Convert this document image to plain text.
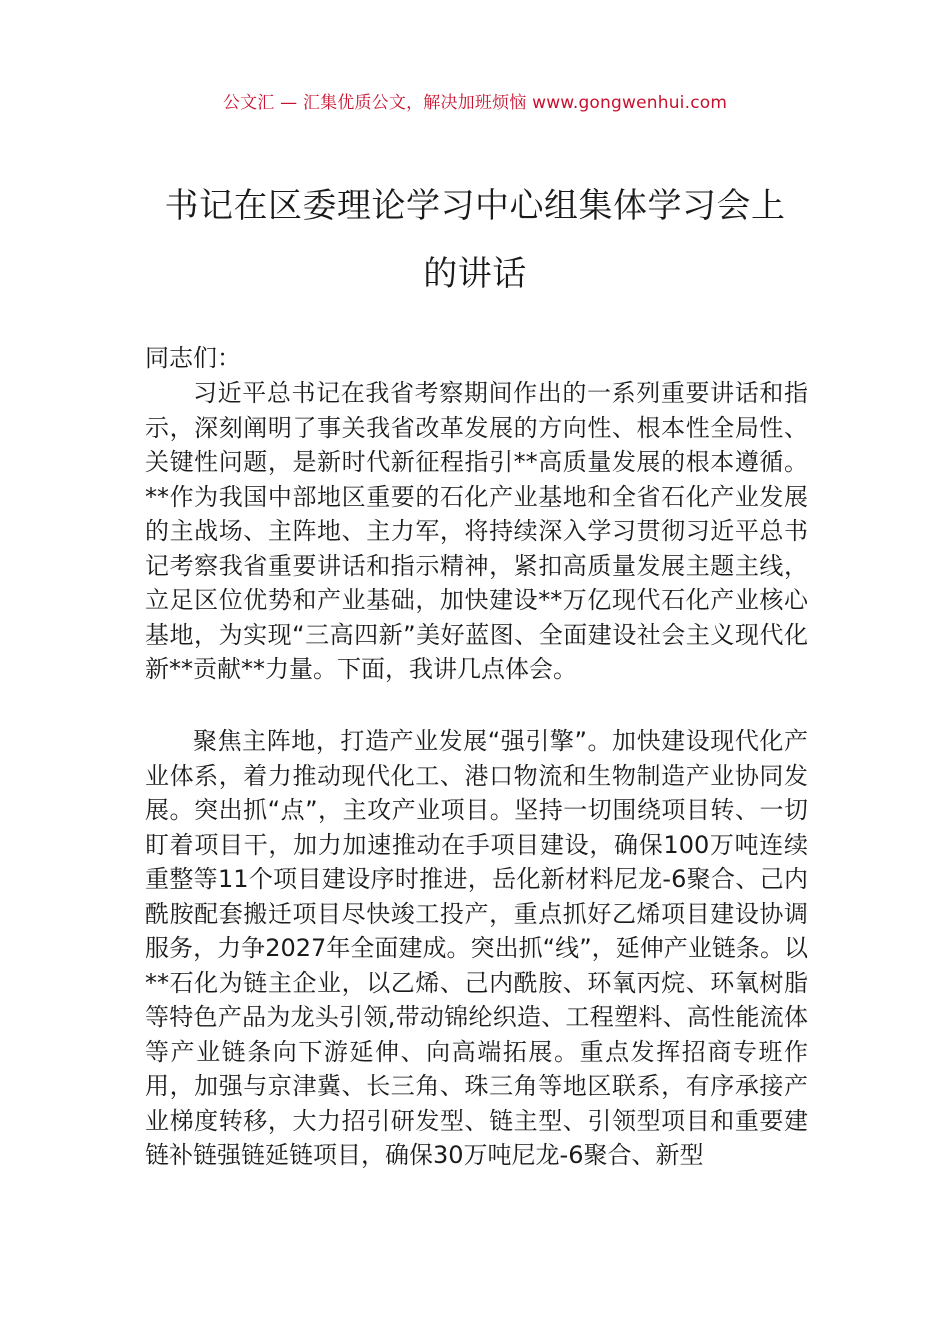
公文汇 — 汇集优质公文，解决加班烦恼 www.gongwenhui.com
书记在区委理论学习中心组集体学习会上
的讲话
同志们：

习近平总书记在我省考察期间作出的一系列重要讲话和指示，深刻阐明了事关我省改革发展的方向性、根本性全局性、关键性问题，是新时代新征程指引**高质量发展的根本遵循。**作为我国中部地区重要的石化产业基地和全省石化产业发展的主战场、主阵地、主力军，将持续深入学习贯彻习近平总书记考察我省重要讲话和指示精神，紧扣高质量发展主题主线，立足区位优势和产业基础，加快建设**万亿现代石化产业核心基地，为实现“三高四新”美好蓝图、全面建设社会主义现代化新**贡献**力量。下面，我讲几点体会。

聚焦主阵地，打造产业发展“强引擎”。加快建设现代化产业体系，着力推动现代化工、港口物流和生物制造产业协同发展。突出抓“点”，主攻产业项目。坚持一切围绕项目转、一切盯着项目干，加力加速推动在手项目建设，确保100万吨连续重整等11个项目建设序时推进，岳化新材料尼龙-6聚合、己内酰胺配套搬迁项目尽快竣工投产，重点抓好乙烯项目建设协调服务，力争2027年全面建成。突出抓“线”，延伸产业链条。以**石化为链主企业，以乙烯、己内酰胺、环氧丙烷、环氧树脂等特色产品为龙头引领,带动锦纶织造、工程塑料、高性能流体等产业链条向下游延伸、向高端拓展。重点发挥招商专班作用，加强与京津冀、长三角、珠三角等地区联系，有序承接产业梯度转移，大力招引研发型、链主型、引领型项目和重要建链补链强链延链项目，确保30万吨尼龙-6聚合、新型
